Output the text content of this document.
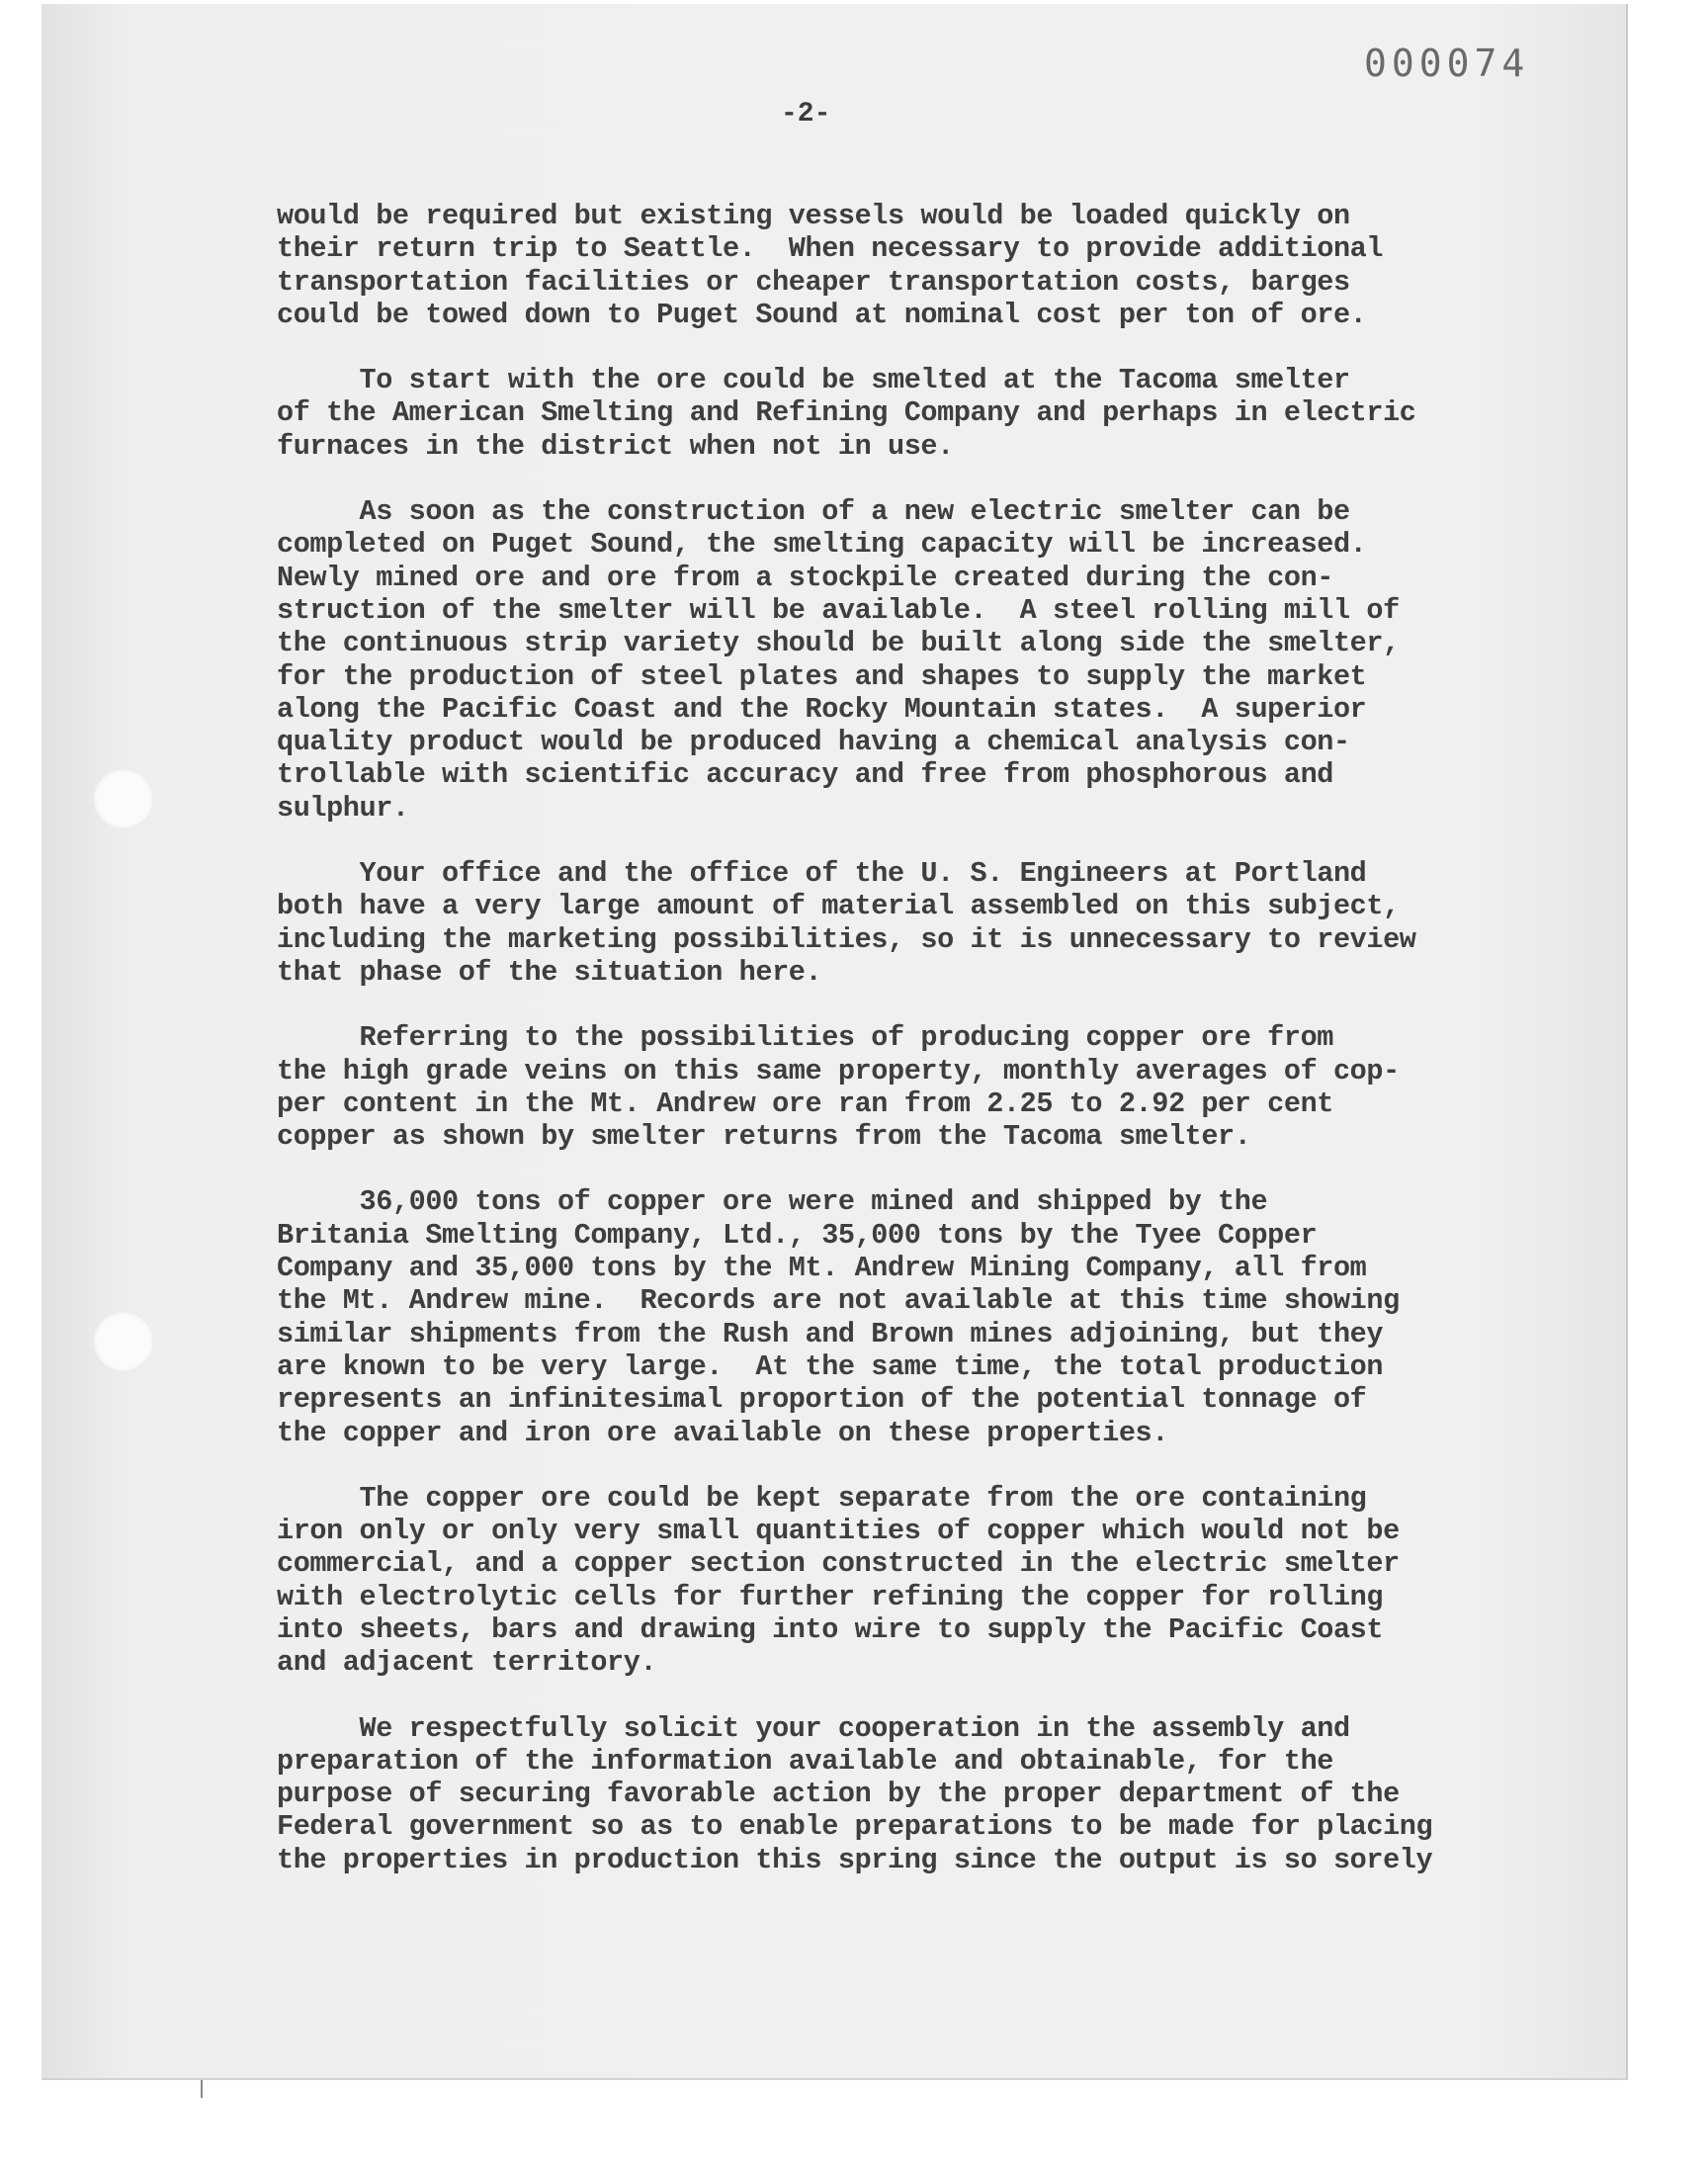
000074
-2-
would be required but existing vessels would be loaded quickly on
their return trip to Seattle.  When necessary to provide additional
transportation facilities or cheaper transportation costs, barges
could be towed down to Puget Sound at nominal cost per ton of ore.
To start with the ore could be smelted at the Tacoma smelter
of the American Smelting and Refining Company and perhaps in electric
furnaces in the district when not in use.
As soon as the construction of a new electric smelter can be
completed on Puget Sound, the smelting capacity will be increased.
Newly mined ore and ore from a stockpile created during the con-
struction of the smelter will be available.  A steel rolling mill of
the continuous strip variety should be built along side the smelter,
for the production of steel plates and shapes to supply the market
along the Pacific Coast and the Rocky Mountain states.  A superior
quality product would be produced having a chemical analysis con-
trollable with scientific accuracy and free from phosphorous and
sulphur.
Your office and the office of the U. S. Engineers at Portland
both have a very large amount of material assembled on this subject,
including the marketing possibilities, so it is unnecessary to review
that phase of the situation here.
Referring to the possibilities of producing copper ore from
the high grade veins on this same property, monthly averages of cop-
per content in the Mt. Andrew ore ran from 2.25 to 2.92 per cent
copper as shown by smelter returns from the Tacoma smelter.
36,000 tons of copper ore were mined and shipped by the
Britania Smelting Company, Ltd., 35,000 tons by the Tyee Copper
Company and 35,000 tons by the Mt. Andrew Mining Company, all from
the Mt. Andrew mine.  Records are not available at this time showing
similar shipments from the Rush and Brown mines adjoining, but they
are known to be very large.  At the same time, the total production
represents an infinitesimal proportion of the potential tonnage of
the copper and iron ore available on these properties.
The copper ore could be kept separate from the ore containing
iron only or only very small quantities of copper which would not be
commercial, and a copper section constructed in the electric smelter
with electrolytic cells for further refining the copper for rolling
into sheets, bars and drawing into wire to supply the Pacific Coast
and adjacent territory.
We respectfully solicit your cooperation in the assembly and
preparation of the information available and obtainable, for the
purpose of securing favorable action by the proper department of the
Federal government so as to enable preparations to be made for placing
the properties in production this spring since the output is so sorely
